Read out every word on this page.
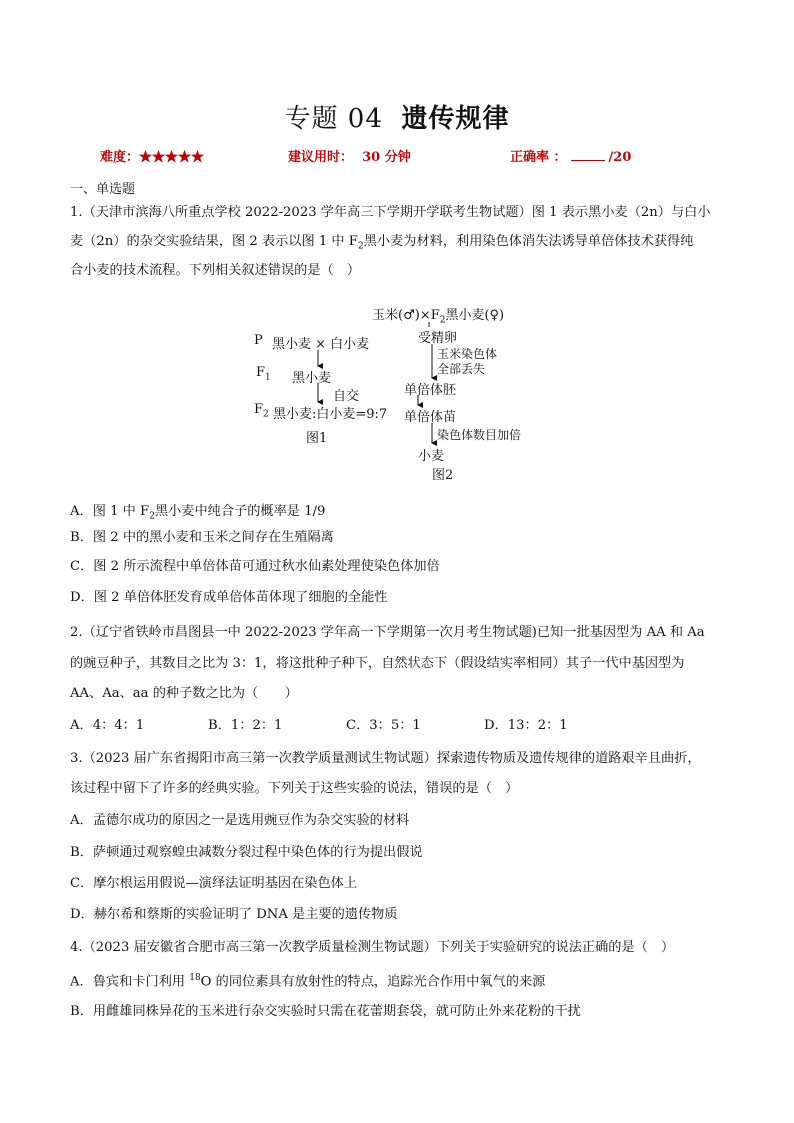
专题 04 遗传规律
难度：★★★★★	建议用时： 30 分钟	正确率 ：	/20
一、单选题
1.（天津市滨海八所重点学校 2022-2023 学年高三下学期开学联考生物试题）图 1 表示黑小麦（2n）与白小
麦（2n）的杂交实验结果，图 2 表示以图 1 中 $F_2$黑小麦为材料，利用染色体消失法诱导单倍体技术获得纯
合小麦的技术流程。下列相关叙述错误的是（　）
P 黑小麦 × 白小麦
$F_1$ 黑小麦
自交
$F_2$ 黑小麦:白小麦=9:7
图1
玉米$(♂)\times F_2$黑小麦(♀)
受精卵
玉米染色体
全部丢失
单倍体胚
单倍体苗
染色体数目加倍
小麦
图2
A．图 1 中 $F_2$黑小麦中纯合子的概率是 1/9
B．图 2 中的黑小麦和玉米之间存在生殖隔离
C．图 2 所示流程中单倍体苗可通过秋水仙素处理使染色体加倍
D．图 2 单倍体胚发育成单倍体苗体现了细胞的全能性
2.（辽宁省铁岭市昌图县一中 2022-2023 学年高一下学期第一次月考生物试题)已知一批基因型为 AA 和 Aa
的豌豆种子，其数目之比为 3：1，将这批种子种下，自然状态下（假设结实率相同）其子一代中基因型为
AA、Aa、aa 的种子数之比为（　　）
A．4：4：1	B．1：2：1	C．3：5：1	D．13：2：1
3.（2023 届广东省揭阳市高三第一次教学质量测试生物试题）探索遗传物质及遗传规律的道路艰辛且曲折，
该过程中留下了许多的经典实验。下列关于这些实验的说法，错误的是（　）
A．孟德尔成功的原因之一是选用豌豆作为杂交实验的材料
B．萨顿通过观察蝗虫减数分裂过程中染色体的行为提出假说
C．摩尔根运用假说—演绎法证明基因在染色体上
D．赫尔希和蔡斯的实验证明了 DNA 是主要的遗传物质
4.（2023 届安徽省合肥市高三第一次教学质量检测生物试题）下列关于实验研究的说法正确的是（　）
A．鲁宾和卡门利用 $^{18}$O 的同位素具有放射性的特点，追踪光合作用中氧气的来源
B．用雌雄同株异花的玉米进行杂交实验时只需在花蕾期套袋，就可防止外来花粉的干扰
